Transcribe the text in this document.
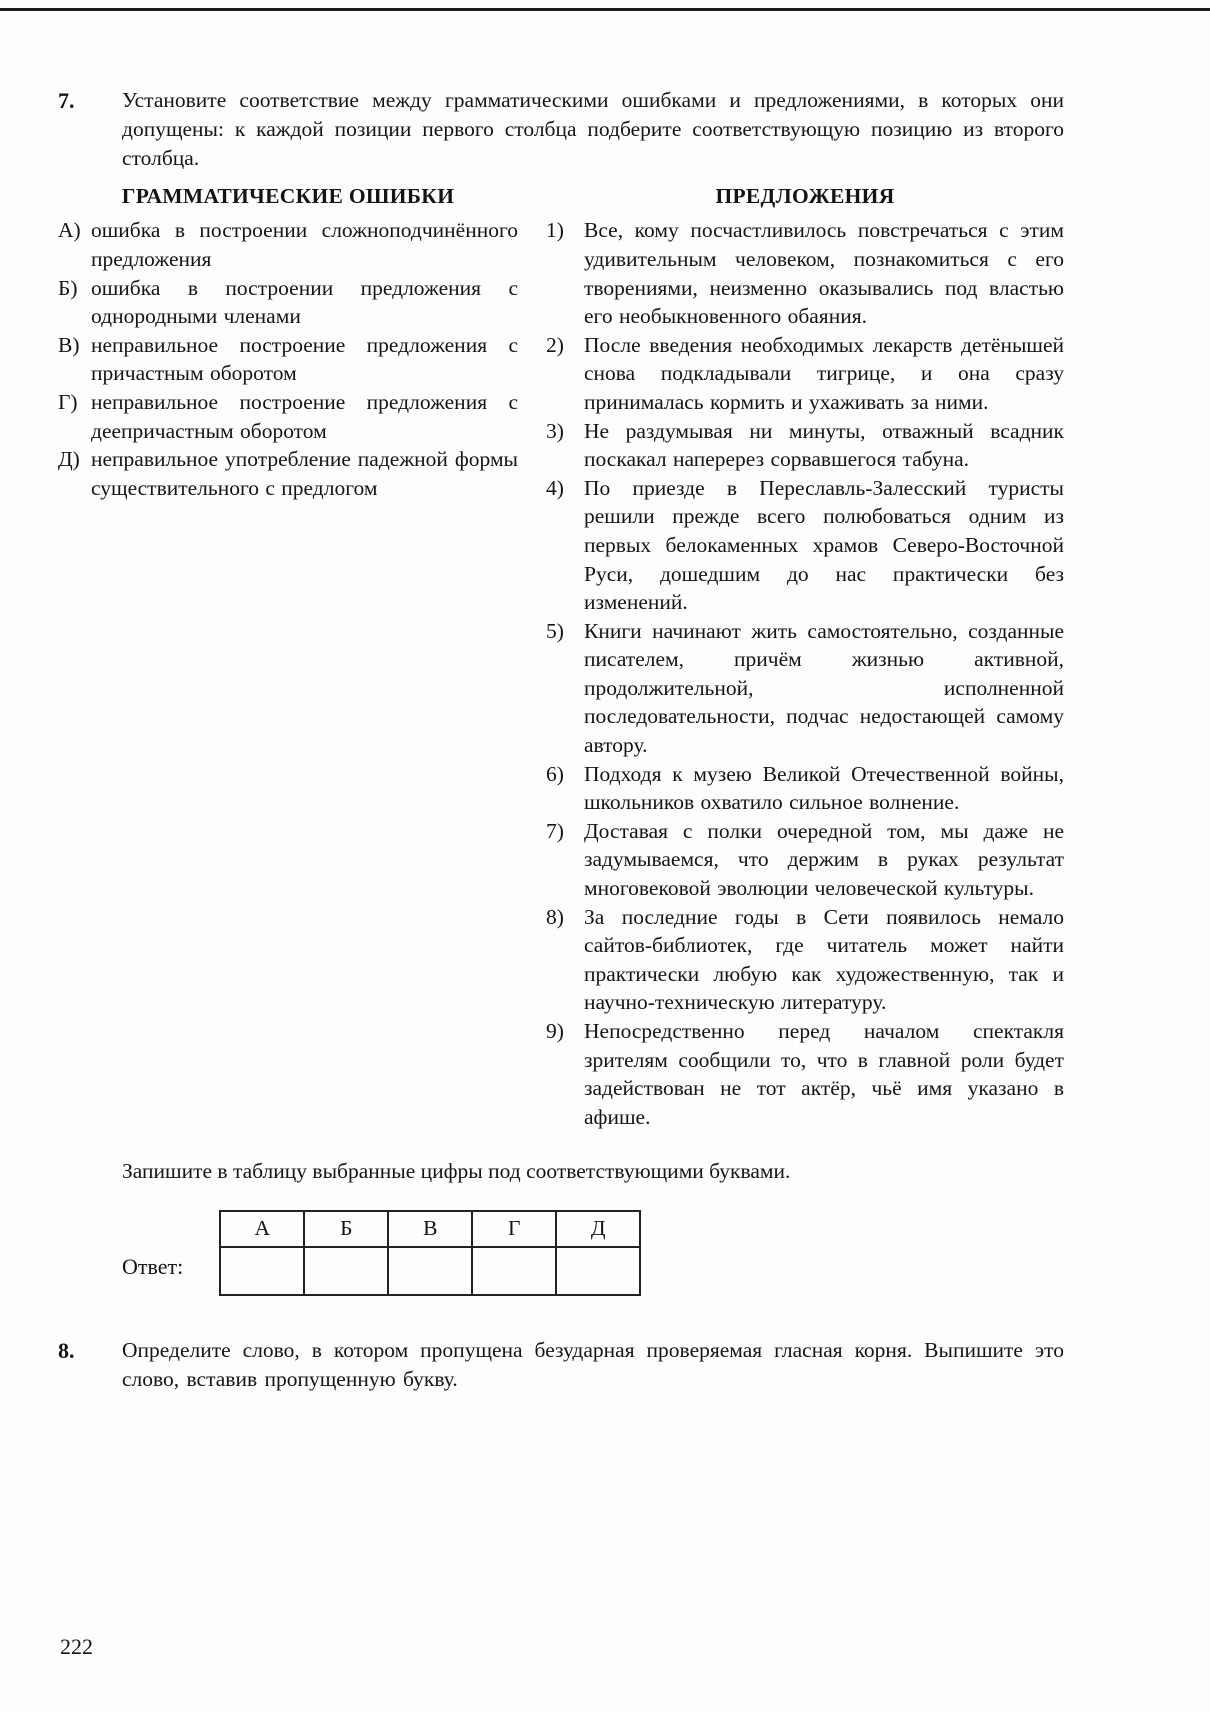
7.	Установите соответствие между грамматическими ошибками и предложениями, в которых они допущены: к каждой позиции первого столбца подберите соответствующую позицию из второго столбца.
ГРАММАТИЧЕСКИЕ ОШИБКИ
А) ошибка в построении сложноподчинённого предложения
Б) ошибка в построении предложения с однородными членами
В) неправильное построение предложения с причастным оборотом
Г) неправильное построение предложения с деепричастным оборотом
Д) неправильное употребление падежной формы существительного с предлогом
ПРЕДЛОЖЕНИЯ
1) Все, кому посчастливилось повстречаться с этим удивительным человеком, познакомиться с его творениями, неизменно оказывались под властью его необыкновенного обаяния.
2) После введения необходимых лекарств детёнышей снова подкладывали тигрице, и она сразу принималась кормить и ухаживать за ними.
3) Не раздумывая ни минуты, отважный всадник поскакал наперерез сорвавшегося табуна.
4) По приезде в Переславль-Залесский туристы решили прежде всего полюбоваться одним из первых белокаменных храмов Северо-Восточной Руси, дошедшим до нас практически без изменений.
5) Книги начинают жить самостоятельно, созданные писателем, причём жизнью активной, продолжительной, исполненной последовательности, подчас недостающей самому автору.
6) Подходя к музею Великой Отечественной войны, школьников охватило сильное волнение.
7) Доставая с полки очередной том, мы даже не задумываемся, что держим в руках результат многовековой эволюции человеческой культуры.
8) За последние годы в Сети появилось немало сайтов-библиотек, где читатель может найти практически любую как художественную, так и научно-техническую литературу.
9) Непосредственно перед началом спектакля зрителям сообщили то, что в главной роли будет задействован не тот актёр, чьё имя указано в афише.
Запишите в таблицу выбранные цифры под соответствующими буквами.
Ответ:
А	Б	В	Г	Д

8.	Определите слово, в котором пропущена безударная проверяемая гласная корня. Выпишите это слово, вставив пропущенную букву.
222
